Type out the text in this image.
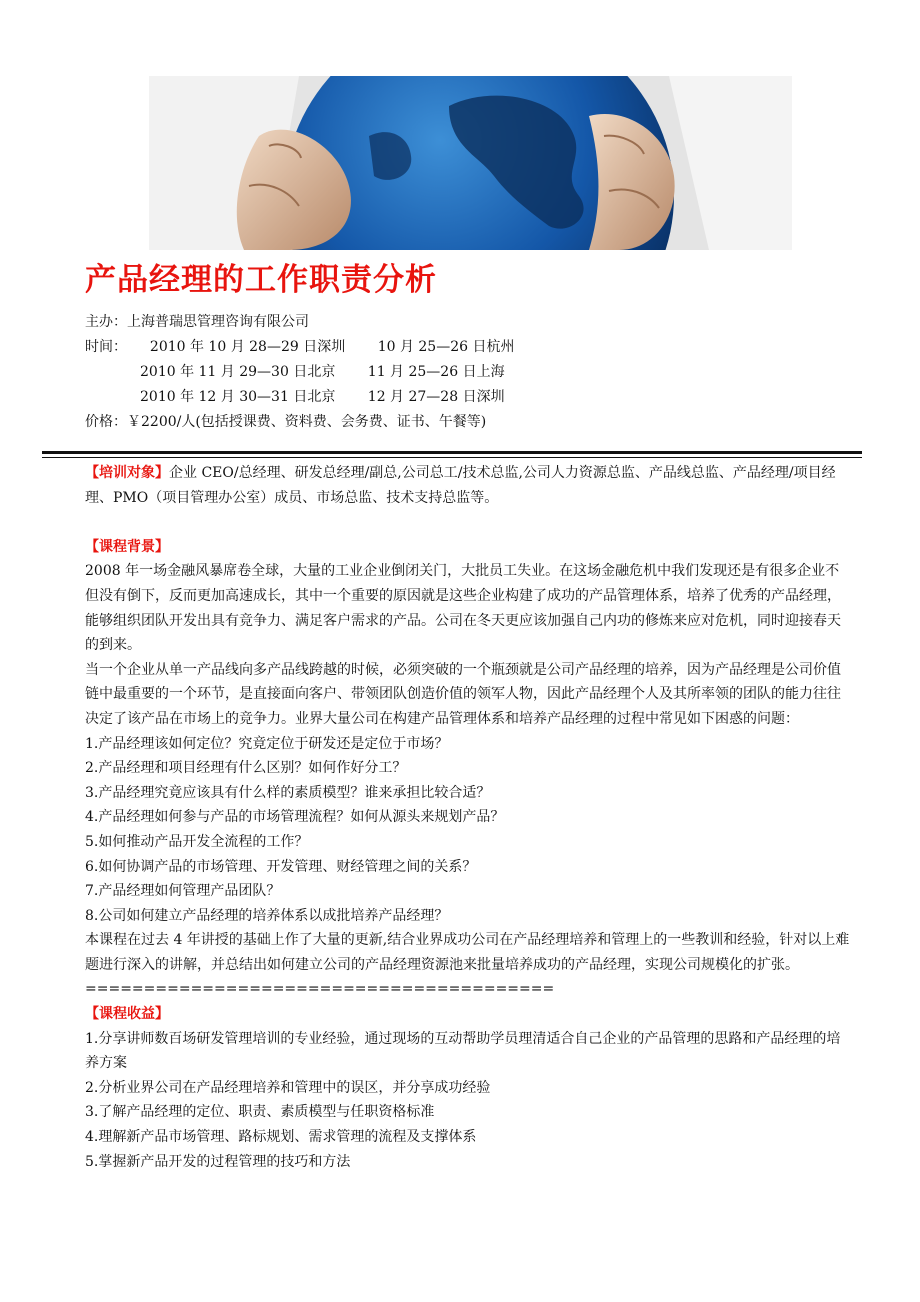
产品经理的工作职责分析
主办：上海普瑞思管理咨询有限公司
时间： 2010 年 10 月 28—29 日深圳 10 月 25—26 日杭州
2010 年 11 月 29—30 日北京 11 月 25—26 日上海
2010 年 12 月 30—31 日北京 12 月 27—28 日深圳
价格：￥2200/人(包括授课费、资料费、会务费、证书、午餐等)

【培训对象】企业 CEO/总经理、研发总经理/副总,公司总工/技术总监,公司人力资源总监、产品线总监、产品经理/项目经理、PMO（项目管理办公室）成员、市场总监、技术支持总监等。

【课程背景】

2008 年一场金融风暴席卷全球，大量的工业企业倒闭关门，大批员工失业。在这场金融危机中我们发现还是有很多企业不但没有倒下，反而更加高速成长，其中一个重要的原因就是这些企业构建了成功的产品管理体系，培养了优秀的产品经理，能够组织团队开发出具有竞争力、满足客户需求的产品。公司在冬天更应该加强自己内功的修炼来应对危机，同时迎接春天的到来。

当一个企业从单一产品线向多产品线跨越的时候，必须突破的一个瓶颈就是公司产品经理的培养，因为产品经理是公司价值链中最重要的一个环节，是直接面向客户、带领团队创造价值的领军人物，因此产品经理个人及其所率领的团队的能力往往决定了该产品在市场上的竞争力。业界大量公司在构建产品管理体系和培养产品经理的过程中常见如下困惑的问题：

1.产品经理该如何定位？究竟定位于研发还是定位于市场？

2.产品经理和项目经理有什么区别？如何作好分工？

3.产品经理究竟应该具有什么样的素质模型？谁来承担比较合适？

4.产品经理如何参与产品的市场管理流程？如何从源头来规划产品？

5.如何推动产品开发全流程的工作？

6.如何协调产品的市场管理、开发管理、财经管理之间的关系？

7.产品经理如何管理产品团队？

8.公司如何建立产品经理的培养体系以成批培养产品经理？

本课程在过去 4 年讲授的基础上作了大量的更新,结合业界成功公司在产品经理培养和管理上的一些教训和经验，针对以上难题进行深入的讲解，并总结出如何建立公司的产品经理资源池来批量培养成功的产品经理，实现公司规模化的扩张。

========================================

【课程收益】

1.分享讲师数百场研发管理培训的专业经验，通过现场的互动帮助学员理清适合自己企业的产品管理的思路和产品经理的培养方案

2.分析业界公司在产品经理培养和管理中的误区，并分享成功经验

3.了解产品经理的定位、职责、素质模型与任职资格标准

4.理解新产品市场管理、路标规划、需求管理的流程及支撑体系

5.掌握新产品开发的过程管理的技巧和方法
